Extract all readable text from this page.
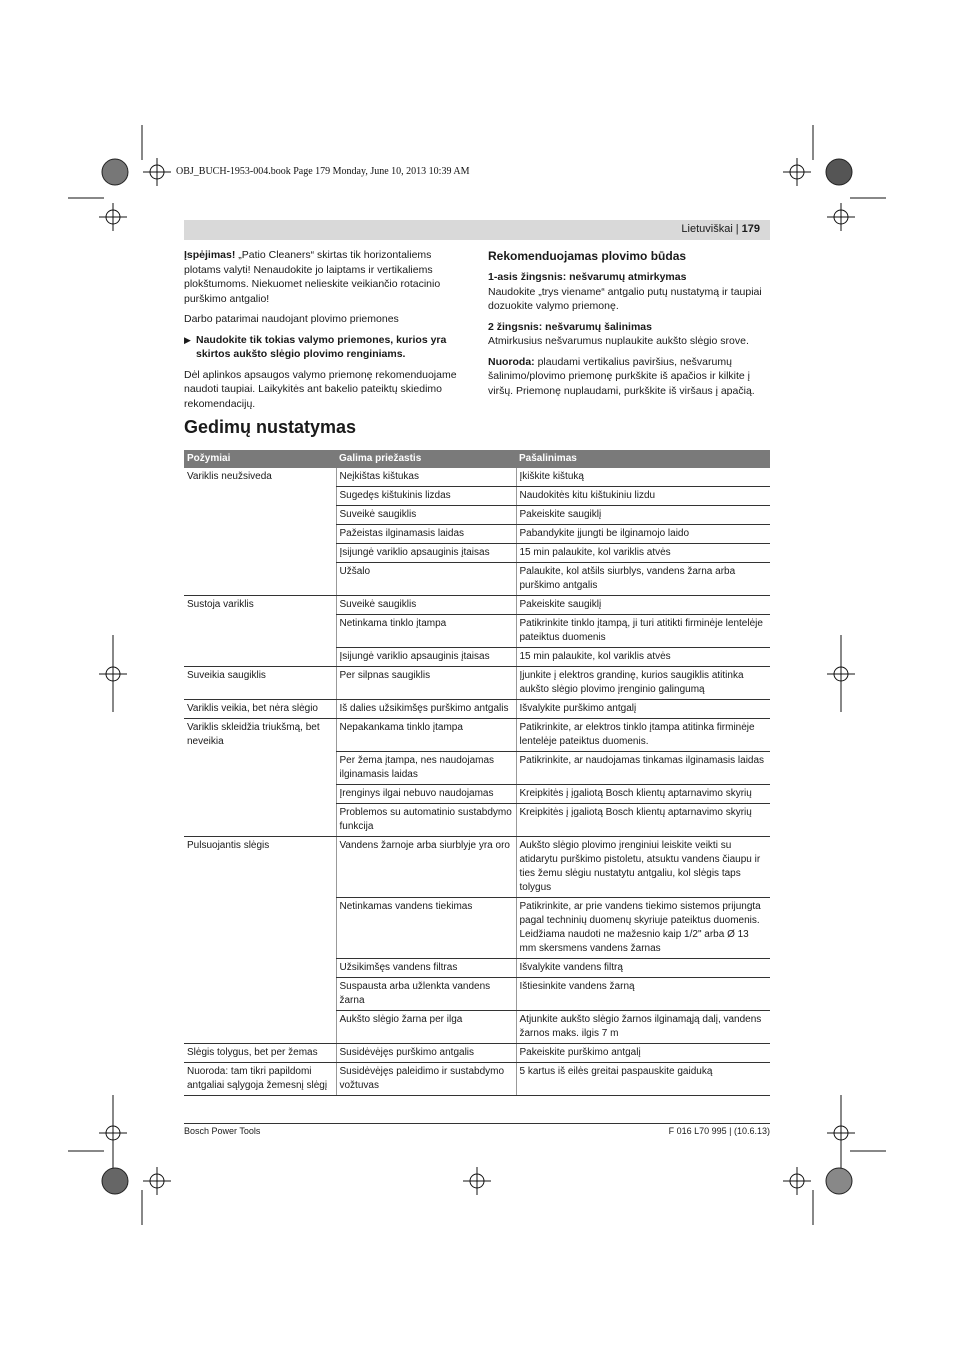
OBJ_BUCH-1953-004.book Page 179 Monday, June 10, 2013 10:39 AM
Lietuviškai | 179

Įspėjimas! „Patio Cleaners“ skirtas tik horizontaliems plotams valyti! Nenaudokite jo laiptams ir vertikaliems plokštumoms. Niekuomet nelieskite veikiančio rotacinio purškimo antgalio!

Darbo patarimai naudojant plovimo priemones

▶ Naudokite tik tokias valymo priemones, kurios yra skirtos aukšto slėgio plovimo renginiams.

Dėl aplinkos apsaugos valymo priemonę rekomenduojame naudoti taupiai. Laikykitės ant bakelio pateiktų skiedimo rekomendacijų.

Rekomenduojamas plovimo būdas
1-asis žingsnis: nešvarumų atmirkymas
Naudokite „trys viename“ antgalio putų nustatymą ir taupiai dozuokite valymo priemonę.
2 žingsnis: nešvarumų šalinimas
Atmirkusius nešvarumus nuplaukite aukšto slėgio srove.

Nuoroda: plaudami vertikalius paviršius, nešvarumų šalinimo/plovimo priemonę purkškite iš apačios ir kilkite į viršų. Priemonę nuplaudami, purkškite iš viršaus į apačią.

Gedimų nustatymas
Požymiai	Galima priežastis	Pašalinimas
Variklis neužsiveda	Neįkištas kištukas	Įkiškite kištuką
	Sugedęs kištukinis lizdas	Naudokitės kitu kištukiniu lizdu
	Suveikė saugiklis	Pakeiskite saugiklį
	Pažeistas ilginamasis laidas	Pabandykite įjungti be ilginamojo laido
	Įsijungė variklio apsauginis įtaisas	15 min palaukite, kol variklis atvės
	Užšalo	Palaukite, kol atšils siurblys, vandens žarna arba purškimo antgalis
Sustoja variklis	Suveikė saugiklis	Pakeiskite saugiklį
	Netinkama tinklo įtampa	Patikrinkite tinklo įtampą, ji turi atitikti firminėje lentelėje pateiktus duomenis
	Įsijungė variklio apsauginis įtaisas	15 min palaukite, kol variklis atvės
Suveikia saugiklis	Per silpnas saugiklis	Įjunkite į elektros grandinę, kurios saugiklis atitinka aukšto slėgio plovimo įrenginio galingumą
Variklis veikia, bet nėra slėgio	Iš dalies užsikimšęs purškimo antgalis	Išvalykite purškimo antgalį
Variklis skleidžia triukšmą, bet neveikia	Nepakankama tinklo įtampa	Patikrinkite, ar elektros tinklo įtampa atitinka firminėje lentelėje pateiktus duomenis.
	Per žema įtampa, nes naudojamas ilginamasis laidas	Patikrinkite, ar naudojamas tinkamas ilginamasis laidas
	Įrenginys ilgai nebuvo naudojamas	Kreipkitės į įgaliotą Bosch klientų aptarnavimo skyrių
	Problemos su automatinio sustabdymo funkcija	Kreipkitės į įgaliotą Bosch klientų aptarnavimo skyrių
Pulsuojantis slėgis	Vandens žarnoje arba siurblyje yra oro	Aukšto slėgio plovimo įrenginiui leiskite veikti su atidarytu purškimo pistoletu, atsuktu vandens čiaupu ir ties žemu slėgiu nustatytu antgaliu, kol slėgis taps tolygus
	Netinkamas vandens tiekimas	Patikrinkite, ar prie vandens tiekimo sistemos prijungta pagal techninių duomenų skyriuje pateiktus duomenis. Leidžiama naudoti ne mažesnio kaip 1/2" arba Ø 13 mm skersmens vandens žarnas
	Užsikimšęs vandens filtras	Išvalykite vandens filtrą
	Suspausta arba užlenkta vandens žarna	Ištiesinkite vandens žarną
	Aukšto slėgio žarna per ilga	Atjunkite aukšto slėgio žarnos ilginamąją dalį, vandens žarnos maks. ilgis 7 m
Slėgis tolygus, bet per žemas	Susidėvėjęs purškimo antgalis	Pakeiskite purškimo antgalį
Nuoroda: tam tikri papildomi antgaliai sąlygoja žemesnį slėgį	Susidėvėjęs paleidimo ir sustabdymo vožtuvas	5 kartus iš eilės greitai paspauskite gaiduką
Bosch Power Tools	F 016 L70 995 | (10.6.13)
